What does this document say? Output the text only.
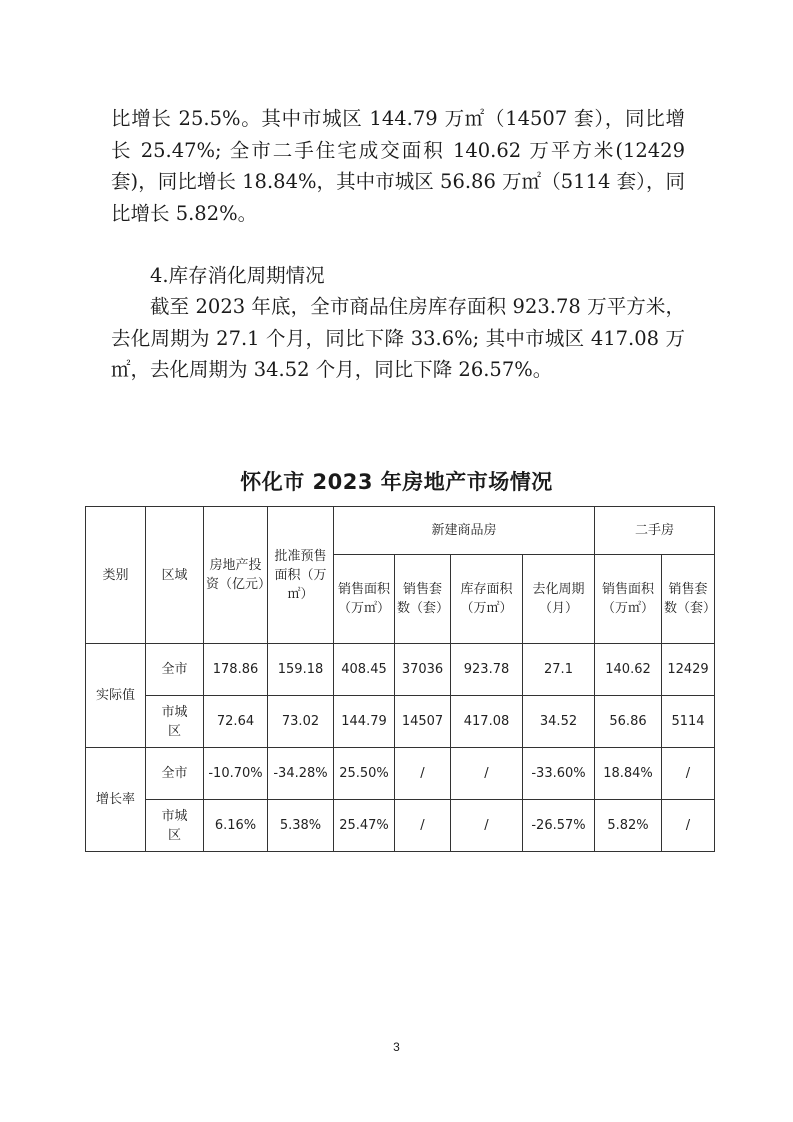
比增长 25.5%。其中市城区 144.79 万㎡（14507 套），同比增长 25.47%; 全市二手住宅成交面积 140.62 万平方米(12429 套)，同比增长 18.84%，其中市城区 56.86 万㎡（5114 套），同比增长 5.82%。

4.库存消化周期情况

截至 2023 年底，全市商品住房库存面积 923.78 万平方米，去化周期为 27.1 个月，同比下降 33.6%; 其中市城区 417.08 万㎡，去化周期为 34.52 个月，同比下降 26.57%。

怀化市 2023 年房地产市场情况
类别	区域	房地产投资（亿元）	批准预售面积（万㎡）	新建商品房				二手房	
				销售面积（万㎡）	销售套数（套）	库存面积（万㎡）	去化周期（月）	销售面积（万㎡）	销售套数（套）
实际值	全市	178.86	159.18	408.45	37036	923.78	27.1	140.62	12429
	市城区	72.64	73.02	144.79	14507	417.08	34.52	56.86	5114
增长率	全市	-10.70%	-34.28%	25.50%	/	/	-33.60%	18.84%	/
	市城区	6.16%	5.38%	25.47%	/	/	-26.57%	5.82%	/
3
